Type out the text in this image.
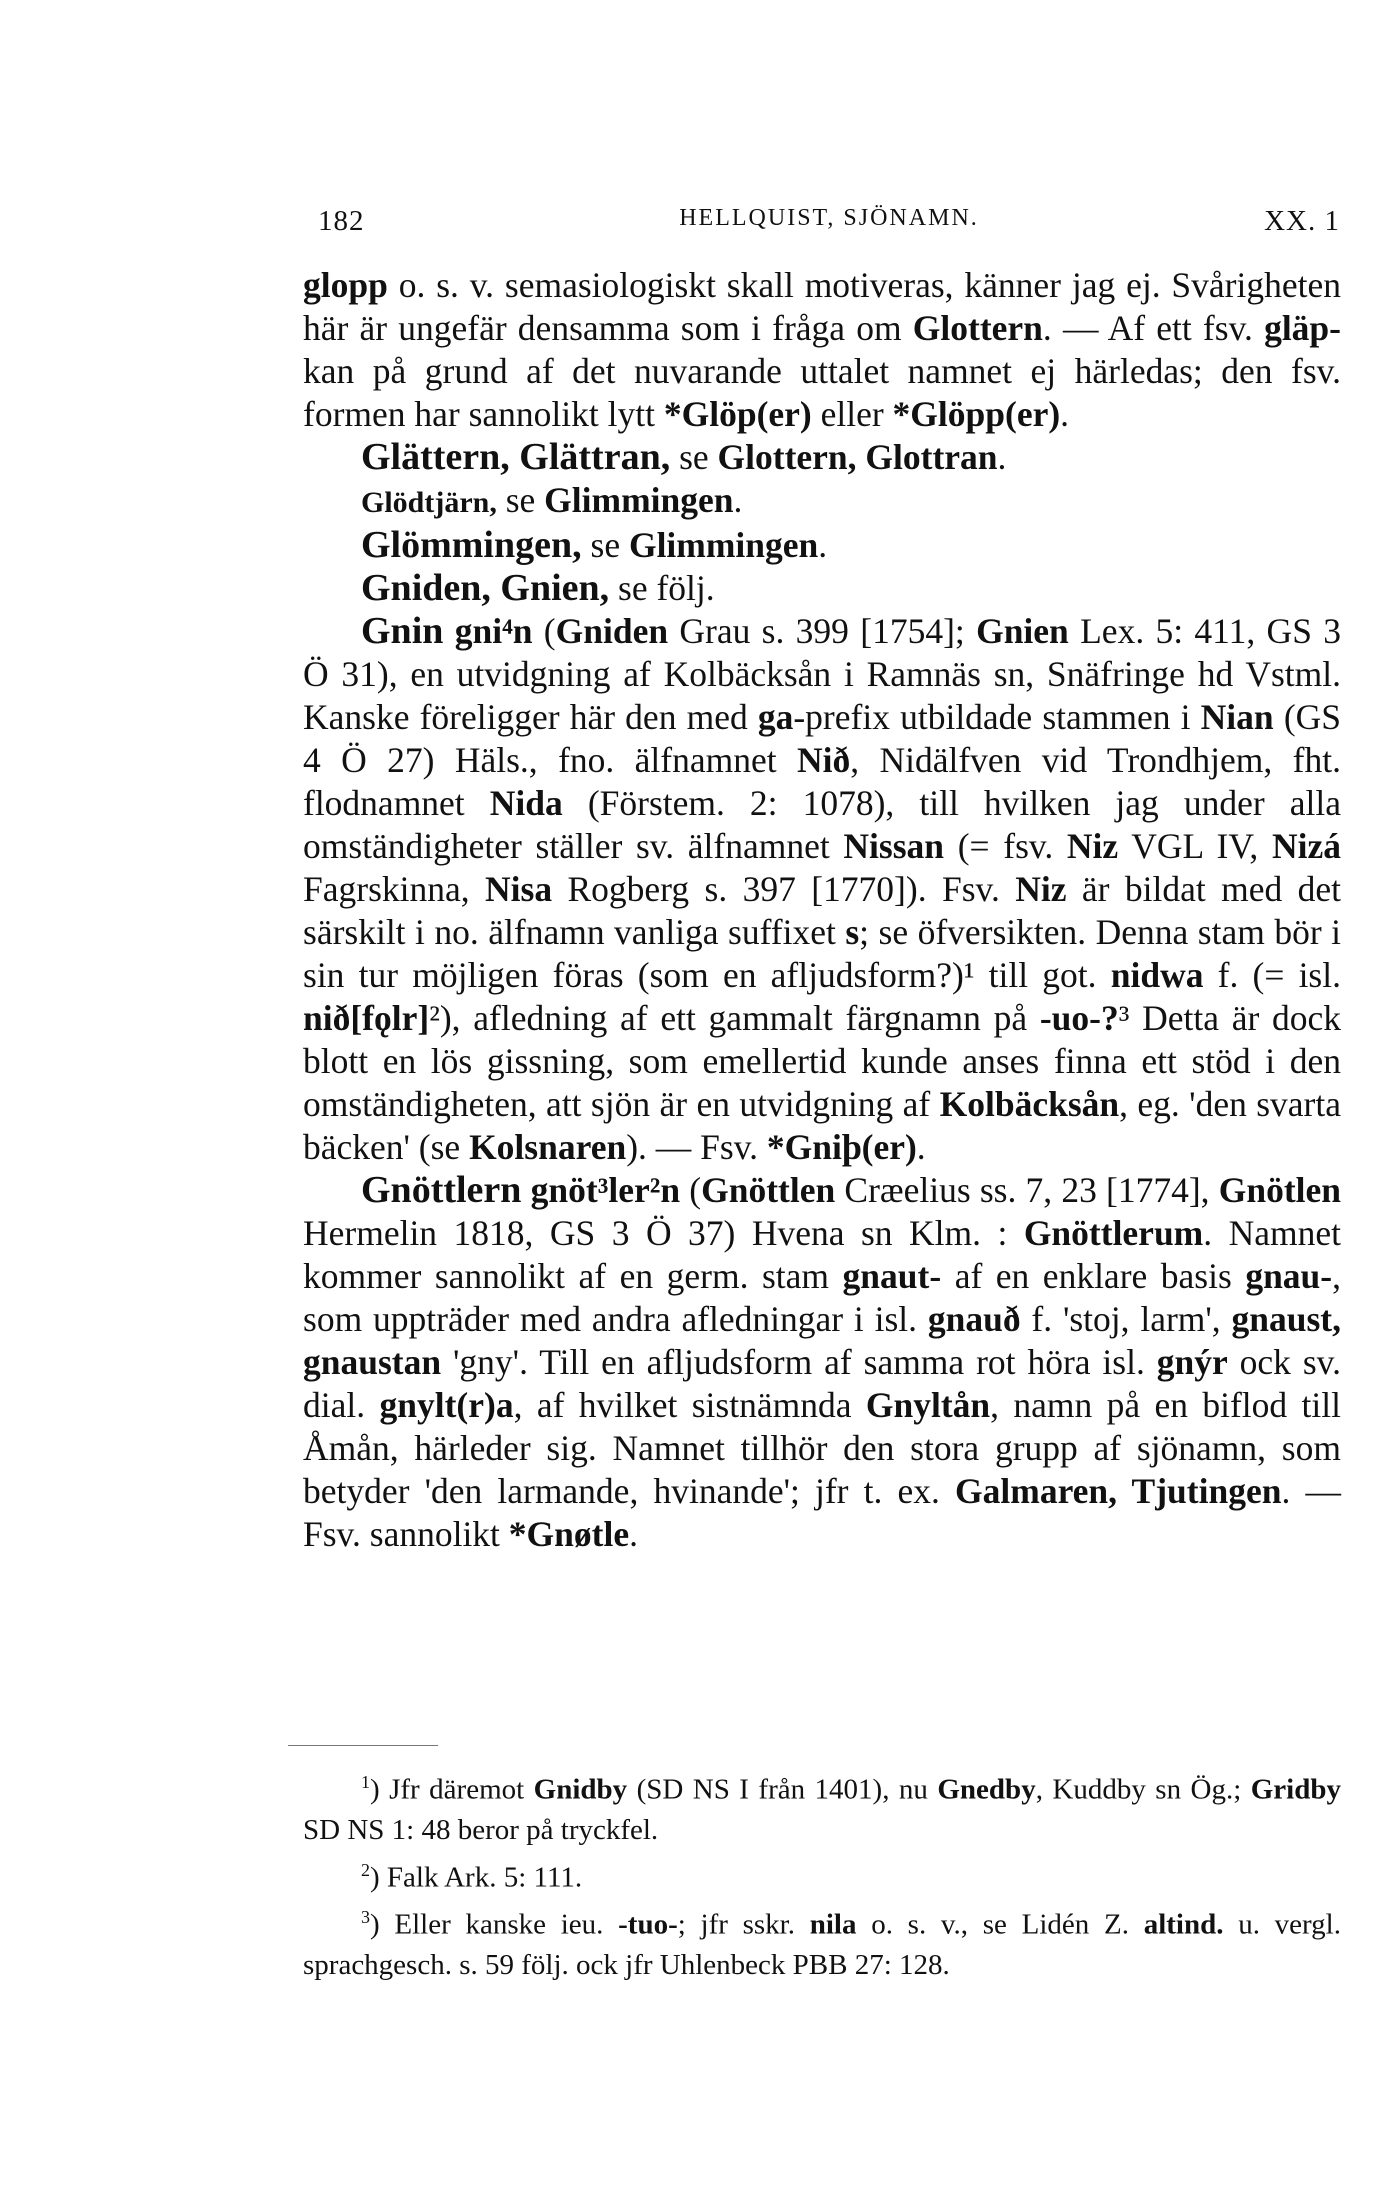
182	HELLQUIST, SJÖNAMN.	XX. 1

glopp o. s. v. semasiologiskt skall motiveras, känner jag ej. Svårigheten här är ungefär densamma som i fråga om Glottern. — Af ett fsv. gläp- kan på grund af det nuvarande uttalet namnet ej härledas; den fsv. formen har sannolikt lytt *Glöp(er) eller *Glöpp(er).

Glättern, Glättran, se Glottern, Glottran.

Glödtjärn, se Glimmingen.

Glömmingen, se Glimmingen.

Gniden, Gnien, se följ.

Gnin gni⁴n (Gniden Grau s. 399 [1754]; Gnien Lex. 5: 411, GS 3 Ö 31), en utvidgning af Kolbäcksån i Ramnäs sn, Snäfringe hd Vstml. Kanske föreligger här den med ga-prefix utbildade stammen i Nian (GS 4 Ö 27) Häls., fno. älfnamnet Nið, Nidälfven vid Trondhjem, fht. flodnamnet Nida (Förstem. 2: 1078), till hvilken jag under alla omständigheter ställer sv. älfnamnet Nissan (= fsv. Niz VGL IV, Nizá Fagrskinna, Nisa Rogberg s. 397 [1770]). Fsv. Niz är bildat med det särskilt i no. älfnamn vanliga suffixet s; se öfversikten. Denna stam bör i sin tur möjligen föras (som en afljudsform?)¹ till got. nidwa f. (= isl. nið[fǫlr]²), afledning af ett gammalt färgnamn på -uo-?³ Detta är dock blott en lös gissning, som emellertid kunde anses finna ett stöd i den omständigheten, att sjön är en utvidgning af Kolbäcksån, eg. 'den svarta bäcken' (se Kolsnaren). — Fsv. *Gniþ(er).

Gnöttlern gnöt³ler²n (Gnöttlen Cræelius ss. 7, 23 [1774], Gnötlen Hermelin 1818, GS 3 Ö 37) Hvena sn Klm. : Gnöttlerum. Namnet kommer sannolikt af en germ. stam gnaut- af en enklare basis gnau-, som uppträder med andra afledningar i isl. gnauð f. 'stoj, larm', gnaust, gnaustan 'gny'. Till en afljudsform af samma rot höra isl. gnýr ock sv. dial. gnylt(r)a, af hvilket sistnämnda Gnyltån, namn på en biflod till Åmån, härleder sig. Namnet tillhör den stora grupp af sjönamn, som betyder 'den larmande, hvinande'; jfr t. ex. Galmaren, Tjutingen. — Fsv. sannolikt *Gnøtle.

$^1$) Jfr däremot Gnidby (SD NS I från 1401), nu Gnedby, Kuddby sn Ög.; Gridby SD NS 1: 48 beror på tryckfel.

$^2$) Falk Ark. 5: 111.

$^3$) Eller kanske ieu. -tuo-; jfr sskr. nila o. s. v., se Lidén Z. altind. u. vergl. sprachgesch. s. 59 följ. ock jfr Uhlenbeck PBB 27: 128.
